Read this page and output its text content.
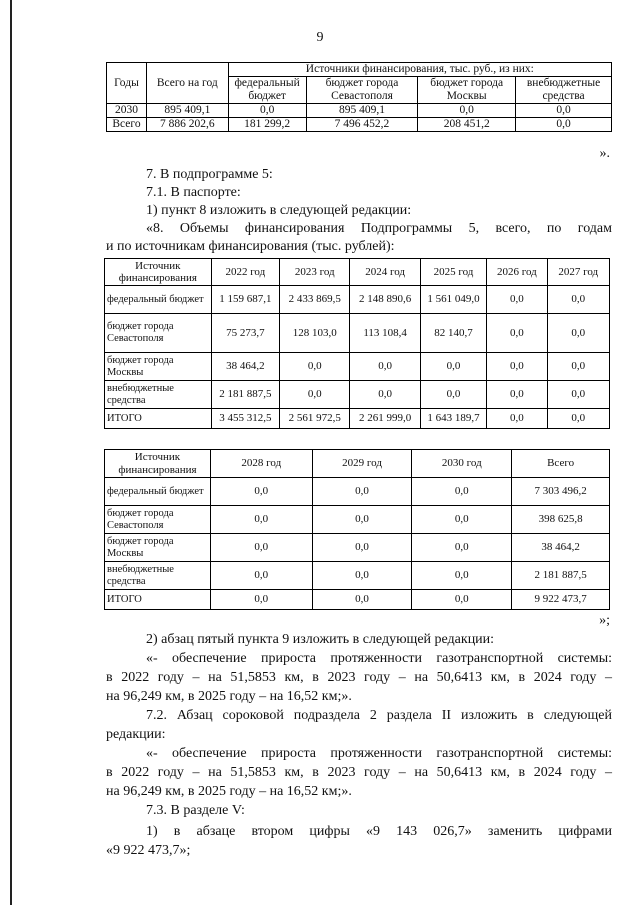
9
Годы	Всего на год	Источники финансирования, тыс. руб., из них:			
		федеральный бюджет	бюджет города Севастополя	бюджет города Москвы	внебюджетные средства
2030	895 409,1	0,0	895 409,1	0,0	0,0
Всего	7 886 202,6	181 299,2	7 496 452,2	208 451,2	0,0
».
7. В подпрограмме 5:
7.1. В паспорте:
1) пункт 8 изложить в следующей редакции:
«8. Объемы финансирования Подпрограммы 5, всего, по годам
и по источникам финансирования (тыс. рублей):
Источник финансирования	2022 год	2023 год	2024 год	2025 год	2026 год	2027 год
федеральный бюджет	1 159 687,1	2 433 869,5	2 148 890,6	1 561 049,0	0,0	0,0
бюджет города Севастополя	75 273,7	128 103,0	113 108,4	82 140,7	0,0	0,0
бюджет города Москвы	38 464,2	0,0	0,0	0,0	0,0	0,0
внебюджетные средства	2 181 887,5	0,0	0,0	0,0	0,0	0,0
ИТОГО	3 455 312,5	2 561 972,5	2 261 999,0	1 643 189,7	0,0	0,0
Источник финансирования	2028 год	2029 год	2030 год	Всего
федеральный бюджет	0,0	0,0	0,0	7 303 496,2
бюджет города Севастополя	0,0	0,0	0,0	398 625,8
бюджет города Москвы	0,0	0,0	0,0	38 464,2
внебюджетные средства	0,0	0,0	0,0	2 181 887,5
ИТОГО	0,0	0,0	0,0	9 922 473,7
»;
2) абзац пятый пункта 9 изложить в следующей редакции:
«- обеспечение прироста протяженности газотранспортной системы:
в 2022 году – на 51,5853 км, в 2023 году – на 50,6413 км, в 2024 году –
на 96,249 км, в 2025 году – на 16,52 км;».
7.2. Абзац сороковой подраздела 2 раздела II изложить в следующей
редакции:
«- обеспечение прироста протяженности газотранспортной системы:
в 2022 году – на 51,5853 км, в 2023 году – на 50,6413 км, в 2024 году –
на 96,249 км, в 2025 году – на 16,52 км;».
7.3. В разделе V:
1) в абзаце втором цифры «9 143 026,7» заменить цифрами
«9 922 473,7»;
